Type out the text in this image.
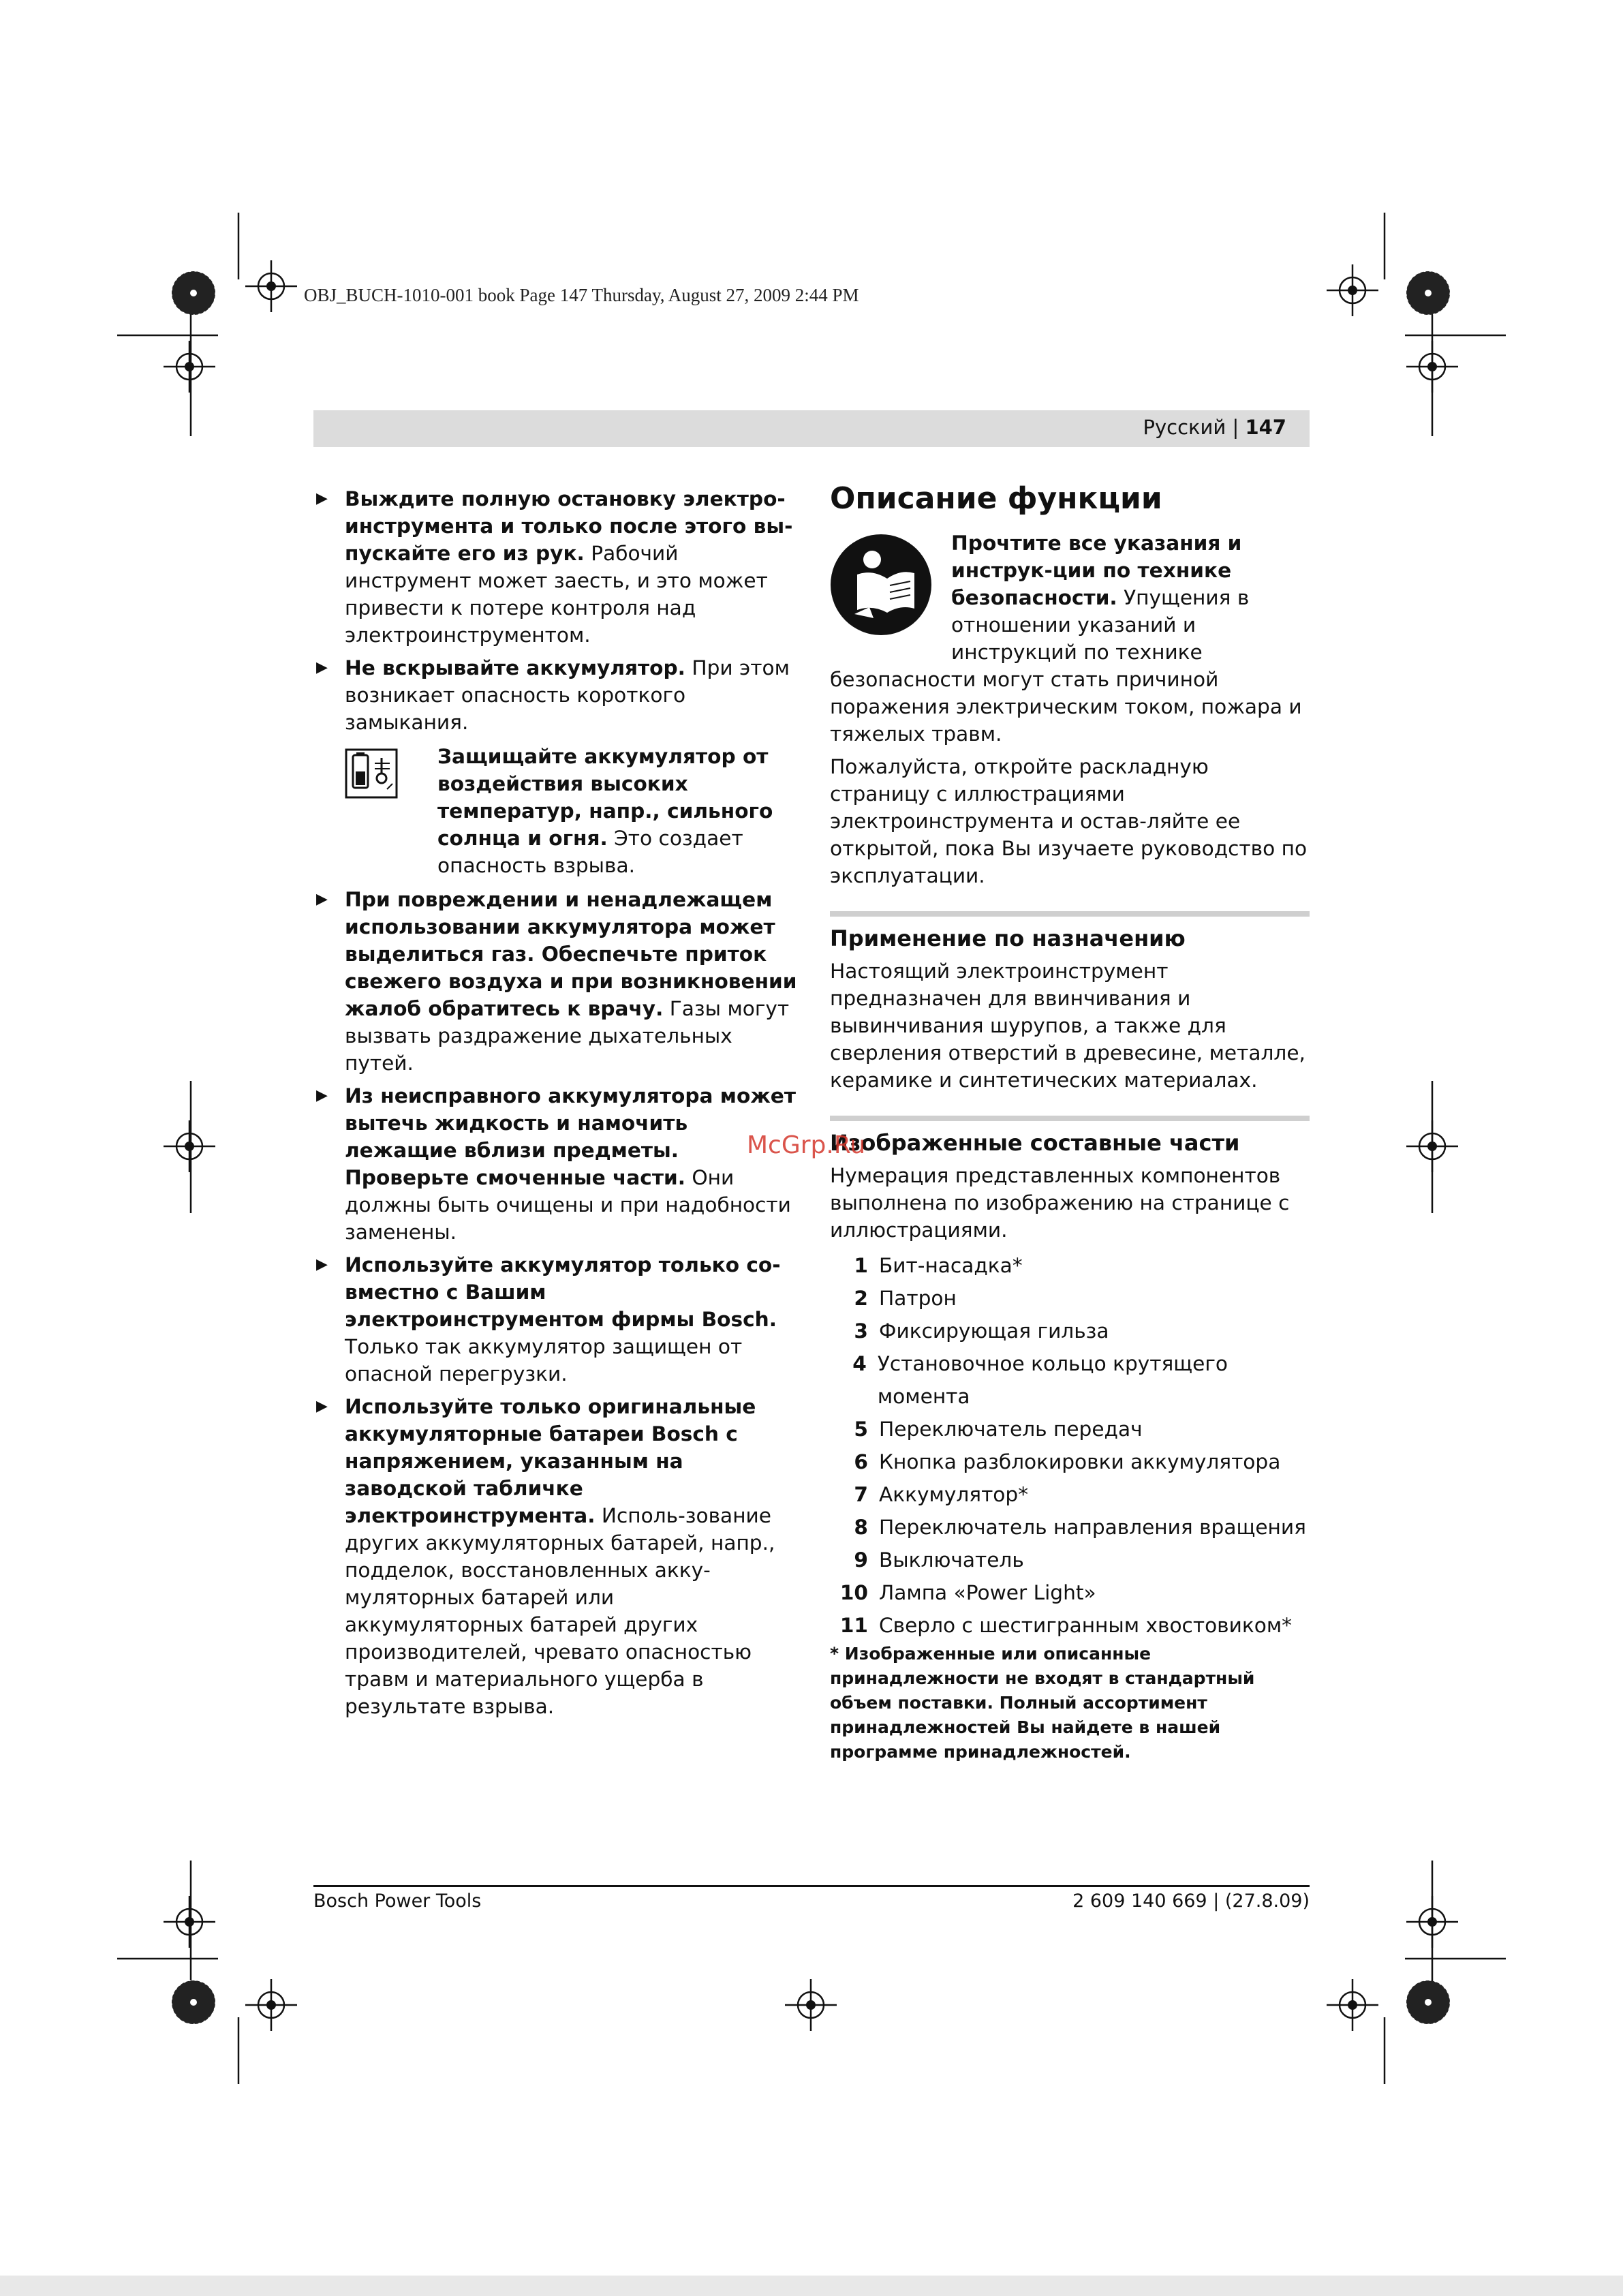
OBJ_BUCH-1010-001 book Page 147 Thursday, August 27, 2009 2:44 PM
Русский | 147
▶ Выждите полную остановку электро-инструмента и только после этого вы-пускайте его из рук. Рабочий инструмент может заесть, и это может привести к потере контроля над электроинструментом.

▶ Не вскрывайте аккумулятор. При этом возникает опасность короткого замыкания.

Защищайте аккумулятор от воздействия высоких температур, напр., сильного солнца и огня. Это создает опасность взрыва.

▶ При повреждении и ненадлежащем использовании аккумулятора может выделиться газ. Обеспечьте приток свежего воздуха и при возникновении жалоб обратитесь к врачу. Газы могут вызвать раздражение дыхательных путей.

▶ Из неисправного аккумулятора может вытечь жидкость и намочить лежащие вблизи предметы. Проверьте смоченные части. Они должны быть очищены и при надобности заменены.

▶ Используйте аккумулятор только со-вместно с Вашим электроинструментом фирмы Bosch. Только так аккумулятор защищен от опасной перегрузки.

▶ Используйте только оригинальные аккумуляторные батареи Bosch с напряжением, указанным на заводской табличке электроинструмента. Исполь-зование других аккумуляторных батарей, напр., подделок, восстановленных акку-муляторных батарей или аккумуляторных батарей других производителей, чревато опасностью травм и материального ущерба в результате взрыва.

Описание функции

Прочтите все указания и инструк-ции по технике безопасности. Упущения в отношении указаний и инструкций по технике безопасности могут стать причиной поражения электрическим током, пожара и тяжелых травм.

Пожалуйста, откройте раскладную страницу с иллюстрациями электроинструмента и остав-ляйте ее открытой, пока Вы изучаете руководство по эксплуатации.

Применение по назначению

Настоящий электроинструмент предназначен для ввинчивания и вывинчивания шурупов, а также для сверления отверстий в древесине, металле, керамике и синтетических материалах.

Изображенные составные части

Нумерация представленных компонентов выполнена по изображению на странице с иллюстрациями.

1 Бит-насадка*
2 Патрон
3 Фиксирующая гильза
4 Установочное кольцо крутящего момента
5 Переключатель передач
6 Кнопка разблокировки аккумулятора
7 Аккумулятор*
8 Переключатель направления вращения
9 Выключатель
10 Лампа «Power Light»
11 Сверло с шестигранным хвостовиком*

* Изображенные или описанные принадлежности не входят в стандартный объем поставки. Полный ассортимент принадлежностей Вы найдете в нашей программе принадлежностей.

McGrp.Ru
Bosch Power Tools	2 609 140 669 | (27.8.09)
